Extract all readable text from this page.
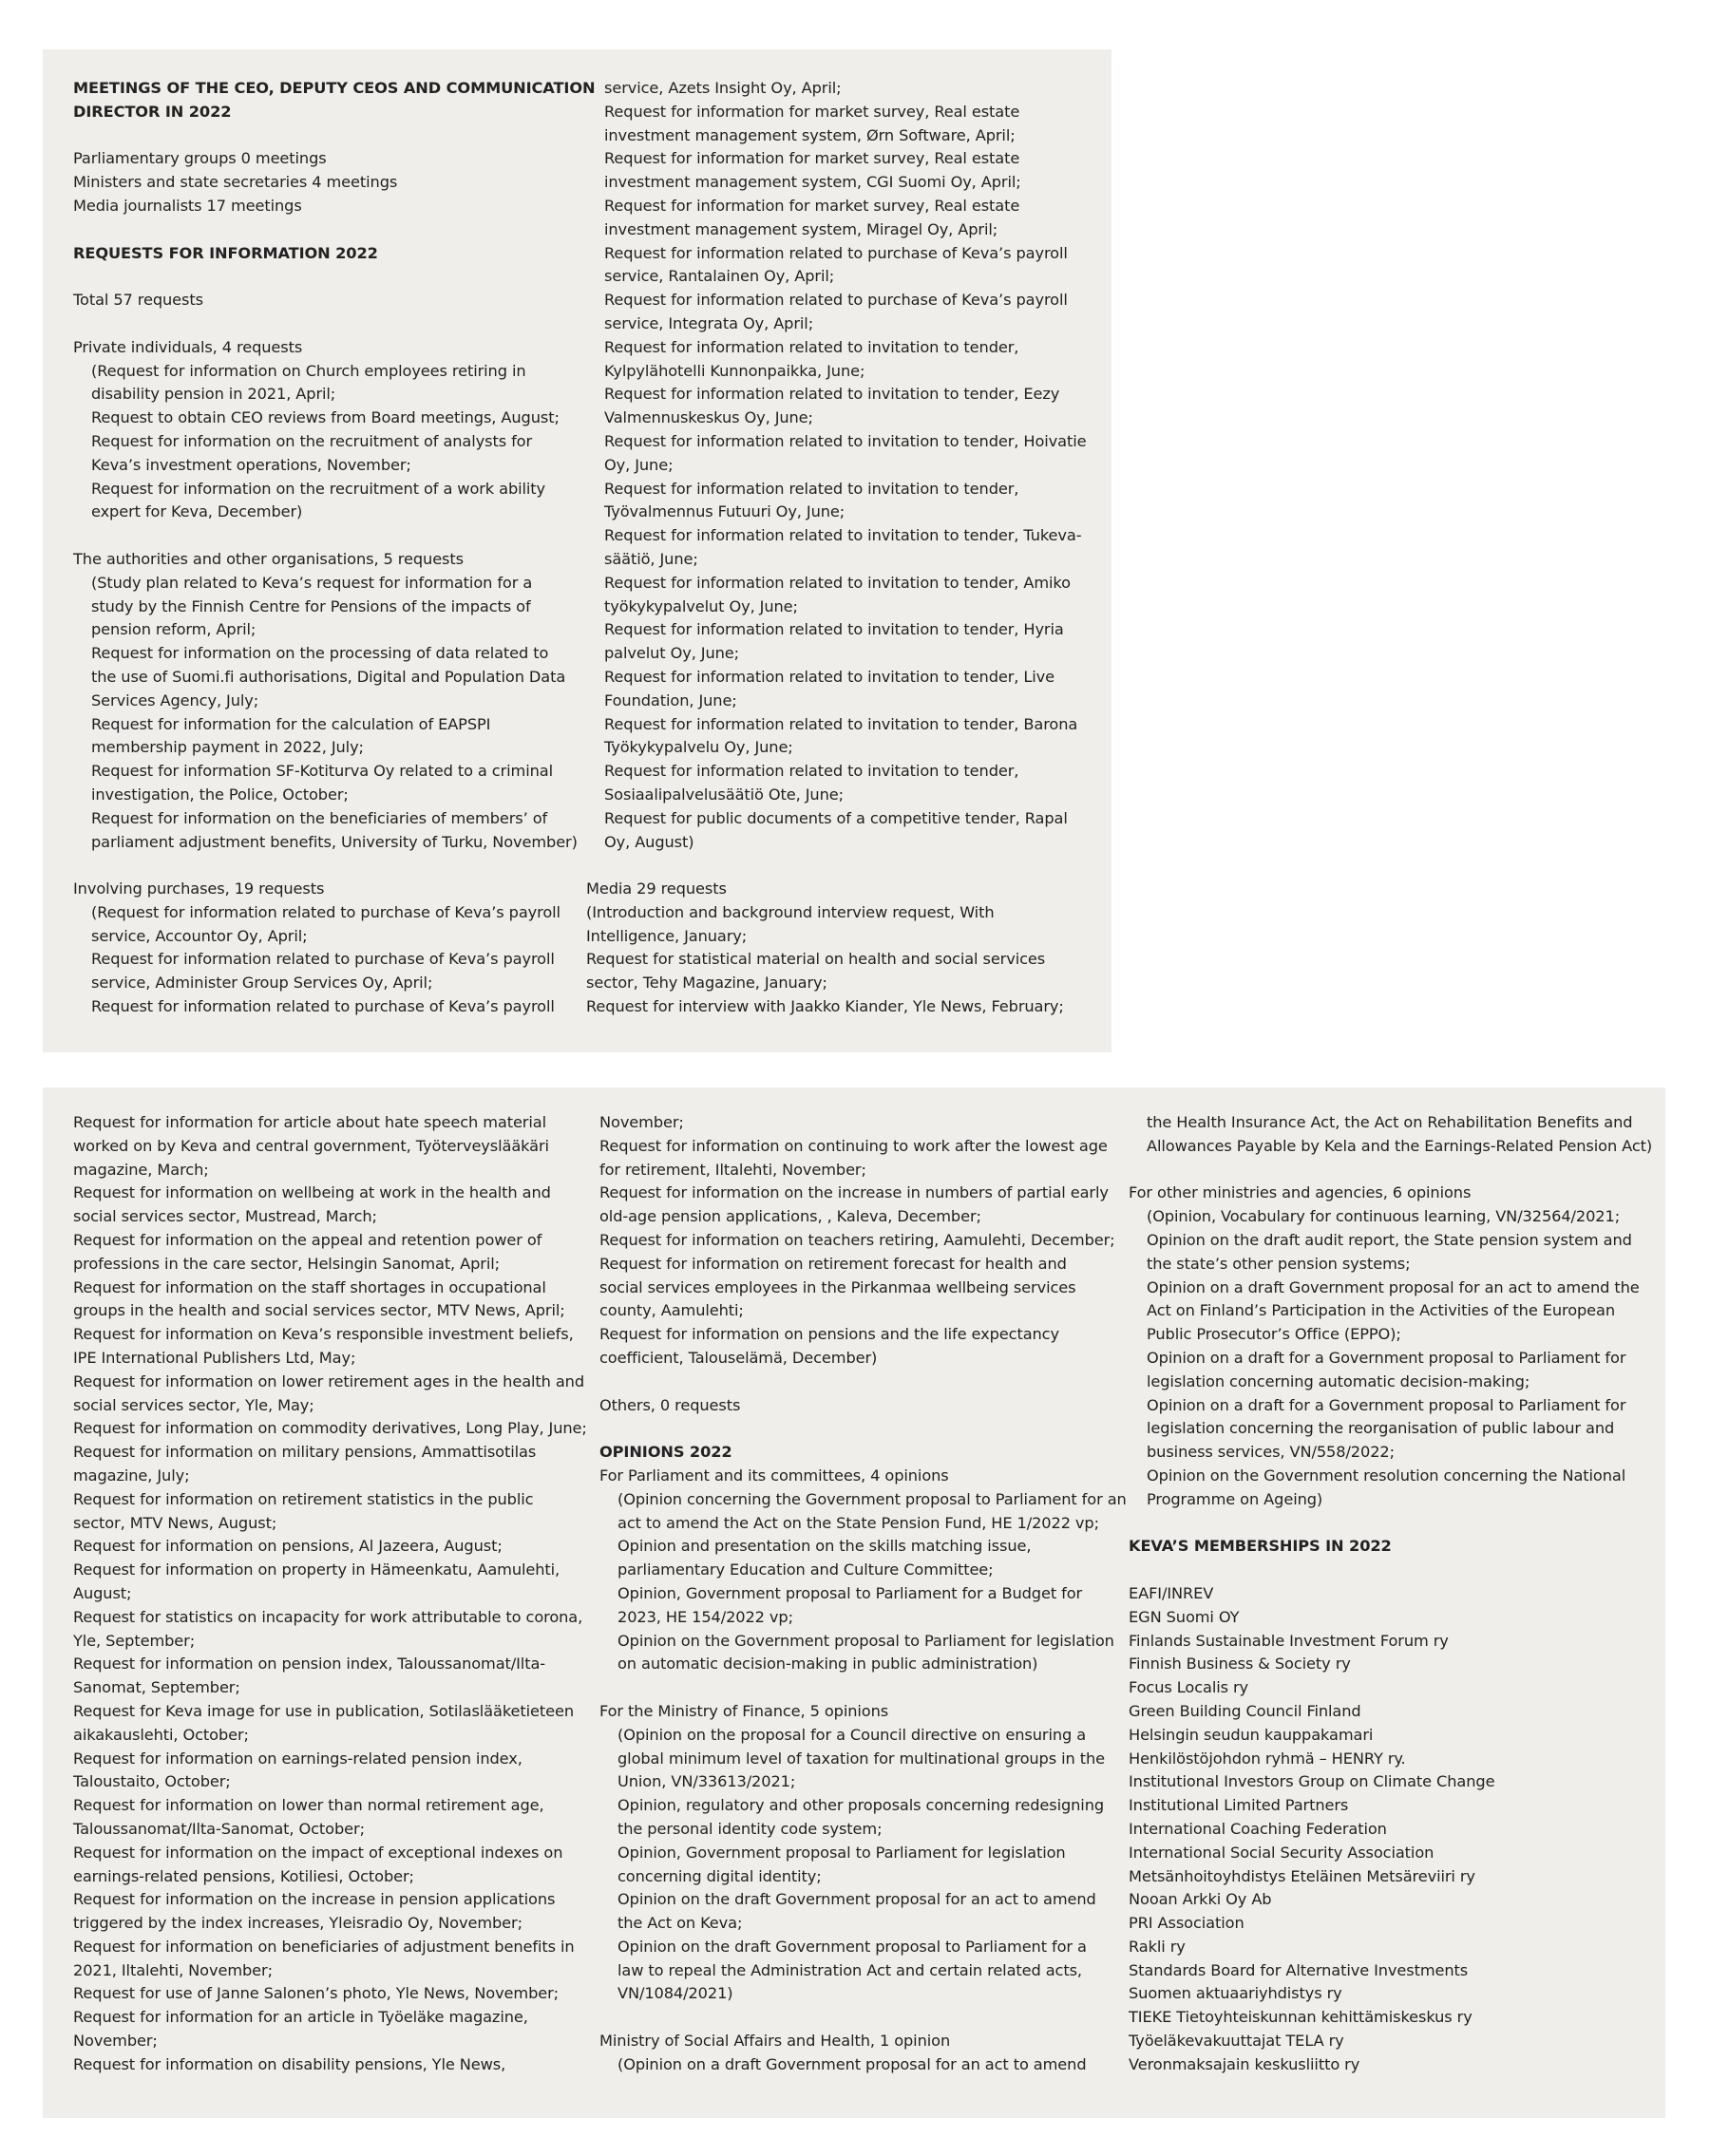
MEETINGS OF THE CEO, DEPUTY CEOS AND COMMUNICATION
DIRECTOR IN 2022
Parliamentary groups 0 meetings
Ministers and state secretaries 4 meetings
Media journalists 17 meetings
REQUESTS FOR INFORMATION 2022
Total 57 requests
Private individuals, 4 requests
(Request for information on Church employees retiring in
disability pension in 2021, April;
Request to obtain CEO reviews from Board meetings, August;
Request for information on the recruitment of analysts for
Keva’s investment operations, November;
Request for information on the recruitment of a work ability
expert for Keva, December)
The authorities and other organisations, 5 requests
(Study plan related to Keva’s request for information for a
study by the Finnish Centre for Pensions of the impacts of
pension reform, April;
Request for information on the processing of data related to
the use of Suomi.fi authorisations, Digital and Population Data
Services Agency, July;
Request for information for the calculation of EAPSPI
membership payment in 2022, July;
Request for information SF-Kotiturva Oy related to a criminal
investigation, the Police, October;
Request for information on the beneficiaries of members’ of
parliament adjustment benefits, University of Turku, November)
Involving purchases, 19 requests
(Request for information related to purchase of Keva’s payroll
service, Accountor Oy, April;
Request for information related to purchase of Keva’s payroll
service, Administer Group Services Oy, April;
Request for information related to purchase of Keva’s payroll
service, Azets Insight Oy, April;
Request for information for market survey, Real estate
investment management system, Ørn Software, April;
Request for information for market survey, Real estate
investment management system, CGI Suomi Oy, April;
Request for information for market survey, Real estate
investment management system, Miragel Oy, April;
Request for information related to purchase of Keva’s payroll
service, Rantalainen Oy, April;
Request for information related to purchase of Keva’s payroll
service, Integrata Oy, April;
Request for information related to invitation to tender,
Kylpylähotelli Kunnonpaikka, June;
Request for information related to invitation to tender, Eezy
Valmennuskeskus Oy, June;
Request for information related to invitation to tender, Hoivatie
Oy, June;
Request for information related to invitation to tender,
Työvalmennus Futuuri Oy, June;
Request for information related to invitation to tender, Tukeva-
säätiö, June;
Request for information related to invitation to tender, Amiko
työkykypalvelut Oy, June;
Request for information related to invitation to tender, Hyria
palvelut Oy, June;
Request for information related to invitation to tender, Live
Foundation, June;
Request for information related to invitation to tender, Barona
Työkykypalvelu Oy, June;
Request for information related to invitation to tender,
Sosiaalipalvelusäätiö Ote, June;
Request for public documents of a competitive tender, Rapal
Oy, August)
Media 29 requests
(Introduction and background interview request, With
Intelligence, January;
Request for statistical material on health and social services
sector, Tehy Magazine, January;
Request for interview with Jaakko Kiander, Yle News, February;
Request for information for article about hate speech material
worked on by Keva and central government, Työterveyslääkäri
magazine, March;
Request for information on wellbeing at work in the health and
social services sector, Mustread, March;
Request for information on the appeal and retention power of
professions in the care sector, Helsingin Sanomat, April;
Request for information on the staff shortages in occupational
groups in the health and social services sector, MTV News, April;
Request for information on Keva’s responsible investment beliefs,
IPE International Publishers Ltd, May;
Request for information on lower retirement ages in the health and
social services sector, Yle, May;
Request for information on commodity derivatives, Long Play, June;
Request for information on military pensions, Ammattisotilas
magazine, July;
Request for information on retirement statistics in the public
sector, MTV News, August;
Request for information on pensions, Al Jazeera, August;
Request for information on property in Hämeenkatu, Aamulehti,
August;
Request for statistics on incapacity for work attributable to corona,
Yle, September;
Request for information on pension index, Taloussanomat/Ilta-
Sanomat, September;
Request for Keva image for use in publication, Sotilaslääketieteen
aikakauslehti, October;
Request for information on earnings-related pension index,
Taloustaito, October;
Request for information on lower than normal retirement age,
Taloussanomat/Ilta-Sanomat, October;
Request for information on the impact of exceptional indexes on
earnings-related pensions, Kotiliesi, October;
Request for information on the increase in pension applications
triggered by the index increases, Yleisradio Oy, November;
Request for information on beneficiaries of adjustment benefits in
2021, Iltalehti, November;
Request for use of Janne Salonen’s photo, Yle News, November;
Request for information for an article in Työeläke magazine,
November;
Request for information on disability pensions, Yle News,
November;
Request for information on continuing to work after the lowest age
for retirement, Iltalehti, November;
Request for information on the increase in numbers of partial early
old-age pension applications, , Kaleva, December;
Request for information on teachers retiring, Aamulehti, December;
Request for information on retirement forecast for health and
social services employees in the Pirkanmaa wellbeing services
county, Aamulehti;
Request for information on pensions and the life expectancy
coefficient, Talouselämä, December)
Others, 0 requests
OPINIONS 2022
For Parliament and its committees, 4 opinions
(Opinion concerning the Government proposal to Parliament for an
act to amend the Act on the State Pension Fund, HE 1/2022 vp;
Opinion and presentation on the skills matching issue,
parliamentary Education and Culture Committee;
Opinion, Government proposal to Parliament for a Budget for
2023, HE 154/2022 vp;
Opinion on the Government proposal to Parliament for legislation
on automatic decision-making in public administration)
For the Ministry of Finance, 5 opinions
(Opinion on the proposal for a Council directive on ensuring a
global minimum level of taxation for multinational groups in the
Union, VN/33613/2021;
Opinion, regulatory and other proposals concerning redesigning
the personal identity code system;
Opinion, Government proposal to Parliament for legislation
concerning digital identity;
Opinion on the draft Government proposal for an act to amend
the Act on Keva;
Opinion on the draft Government proposal to Parliament for a
law to repeal the Administration Act and certain related acts,
VN/1084/2021)
Ministry of Social Affairs and Health, 1 opinion
(Opinion on a draft Government proposal for an act to amend
the Health Insurance Act, the Act on Rehabilitation Benefits and
Allowances Payable by Kela and the Earnings-Related Pension Act)
For other ministries and agencies, 6 opinions
(Opinion, Vocabulary for continuous learning, VN/32564/2021;
Opinion on the draft audit report, the State pension system and
the state’s other pension systems;
Opinion on a draft Government proposal for an act to amend the
Act on Finland’s Participation in the Activities of the European
Public Prosecutor’s Office (EPPO);
Opinion on a draft for a Government proposal to Parliament for
legislation concerning automatic decision-making;
Opinion on a draft for a Government proposal to Parliament for
legislation concerning the reorganisation of public labour and
business services, VN/558/2022;
Opinion on the Government resolution concerning the National
Programme on Ageing)
KEVA’S MEMBERSHIPS IN 2022
EAFI/INREV
EGN Suomi OY
Finlands Sustainable Investment Forum ry
Finnish Business & Society ry
Focus Localis ry
Green Building Council Finland
Helsingin seudun kauppakamari
Henkilöstöjohdon ryhmä – HENRY ry.
Institutional Investors Group on Climate Change
Institutional Limited Partners
International Coaching Federation
International Social Security Association
Metsänhoitoyhdistys Eteläinen Metsäreviiri ry
Nooan Arkki Oy Ab
PRI Association
Rakli ry
Standards Board for Alternative Investments
Suomen aktuaariyhdistys ry
TIEKE Tietoyhteiskunnan kehittämiskeskus ry
Työeläkevakuuttajat TELA ry
Veronmaksajain keskusliitto ry
